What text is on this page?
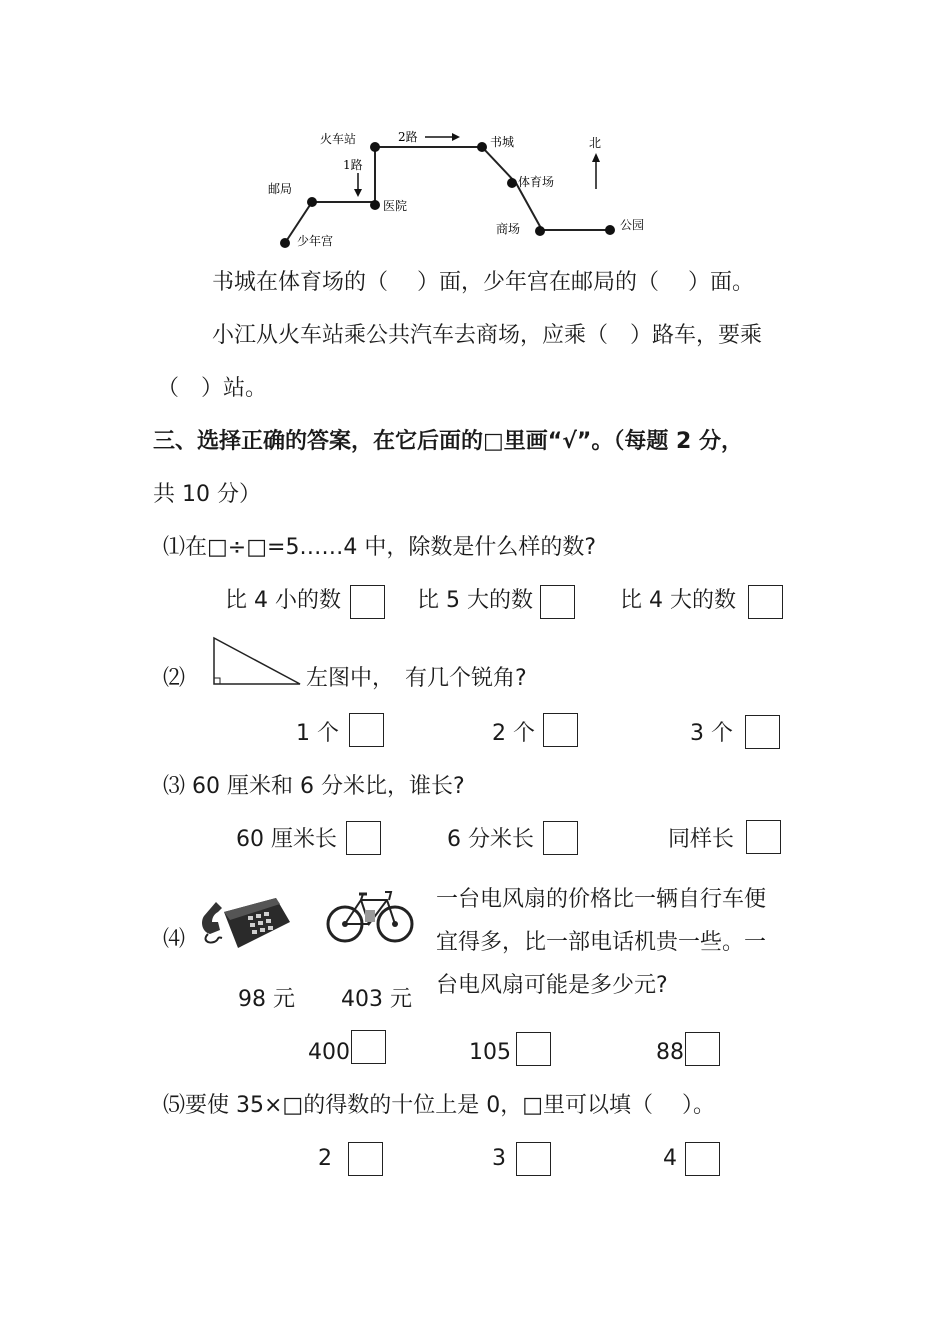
火车站	2路	书城	北
1路
体育场
邮局
医院
商场	公园
少年宫
书城在体育场的（　 ）面，少年宫在邮局的（　 ）面。
小江从火车站乘公共汽车去商场，应乘（　）路车，要乘
（　）站。
三、选择正确的答案，在它后面的□里画“√”。（每题 2 分，
共 10 分）
⑴在□÷□=5……4 中，除数是什么样的数?
比 4 小的数	比 5 大的数	比 4 大的数
⑵	左图中，　有几个锐角?
1 个	2 个	3 个
⑶ 60 厘米和 6 分米比，谁长?
60 厘米长	6 分米长	同样长
⑷
98 元 403 元
一台电风扇的价格比一辆自行车便
宜得多，比一部电话机贵一些。一
台电风扇可能是多少元?
400	105	88
⑸要使 35×□的得数的十位上是 0，□里可以填（　 ）。
2	3	4
